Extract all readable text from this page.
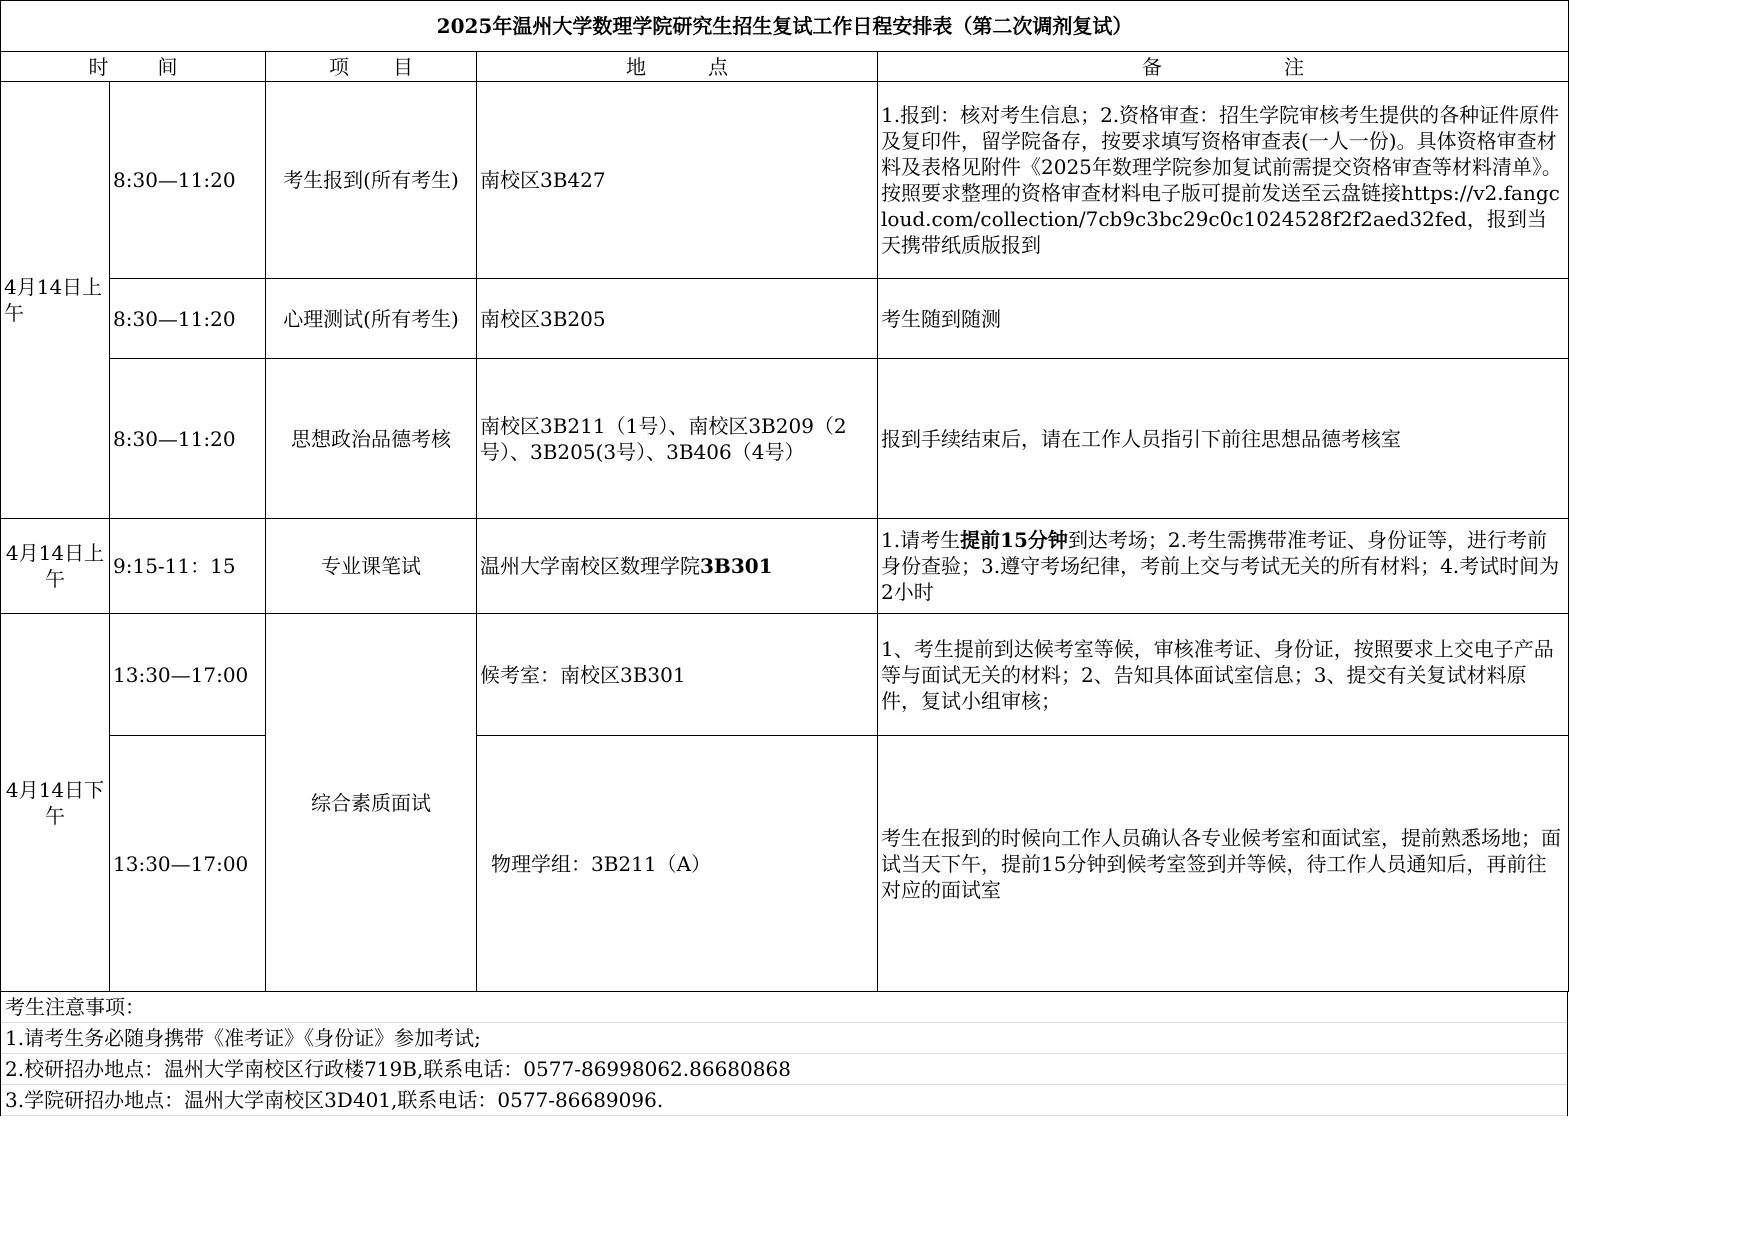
2025年温州大学数理学院研究生招生复试工作日程安排表（第二次调剂复试）				

时 间		项 目	地 点	备 注

4月14日上午	8:30—11:20	考生报到(所有考生)	南校区3B427	1.报到：核对考生信息；2.资格审查：招生学院审核考生提供的各种证件原件及复印件，留学院备存，按要求填写资格审查表(一人一份)。具体资格审查材料及表格见附件《2025年数理学院参加复试前需提交资格审查等材料清单》。按照要求整理的资格审查材料电子版可提前发送至云盘链接https://v2.fangcloud.com/collection/7cb9c3bc29c0c1024528f2f2aed32fed，报到当天携带纸质版报到
	8:30—11:20	心理测试(所有考生)	南校区3B205	考生随到随测
	8:30—11:20	思想政治品德考核	南校区3B211（1号）、南校区3B209（2号）、3B205(3号）、3B406（4号）	报到手续结束后，请在工作人员指引下前往思想品德考核室
4月14日上午	9:15-11：15	专业课笔试	温州大学南校区数理学院3B301	1.请考生提前15分钟到达考场；2.考生需携带准考证、身份证等，进行考前身份查验；3.遵守考场纪律，考前上交与考试无关的所有材料；4.考试时间为2小时
4月14日下午	13:30—17:00	综合素质面试	候考室：南校区3B301	1、考生提前到达候考室等候，审核准考证、身份证，按照要求上交电子产品等与面试无关的材料；2、告知具体面试室信息；3、提交有关复试材料原件，复试小组审核；
	13:30—17:00		物理学组：3B211（A）	考生在报到的时候向工作人员确认各专业候考室和面试室，提前熟悉场地；面试当天下午，提前15分钟到候考室签到并等候，待工作人员通知后，再前往对应的面试室
考生注意事项：
1.请考生务必随身携带《准考证》《身份证》参加考试;
2.校研招办地点：温州大学南校区行政楼719B,联系电话：0577-86998062.86680868
3.学院研招办地点：温州大学南校区3D401,联系电话：0577-86689096.
